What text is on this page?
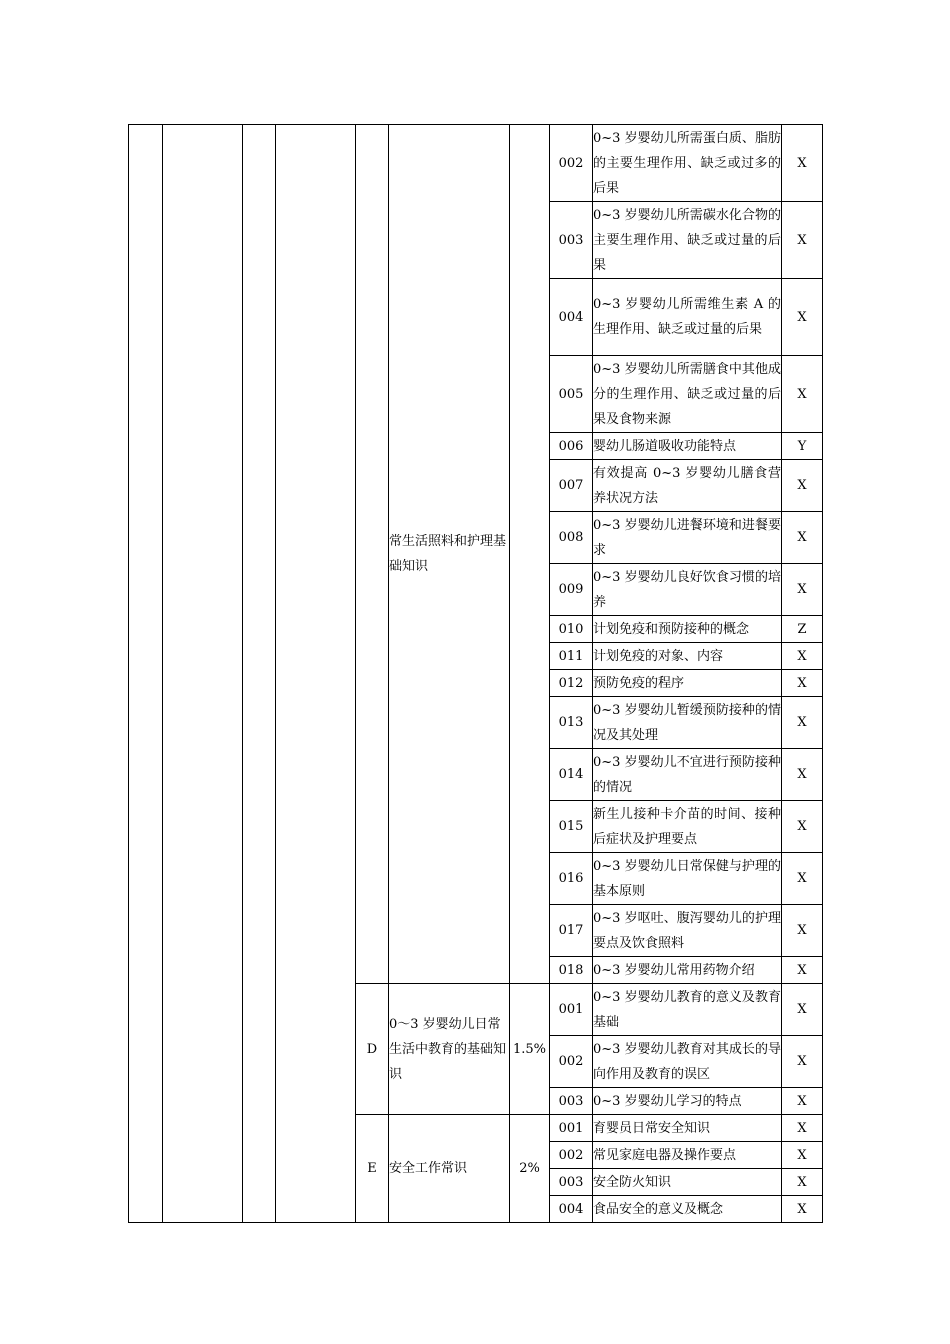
					常生活照料和护理基础知识		002	0~3 岁婴幼儿所需蛋白质、脂肪的主要生理作用、缺乏或过多的后果	X
							003	0~3 岁婴幼儿所需碳水化合物的主要生理作用、缺乏或过量的后果	X
							004	0~3 岁婴幼儿所需维生素 A 的生理作用、缺乏或过量的后果	X
							005	0~3 岁婴幼儿所需膳食中其他成分的生理作用、缺乏或过量的后果及食物来源	X
							006	婴幼儿肠道吸收功能特点	Y
							007	有效提高 0~3 岁婴幼儿膳食营养状况方法	X
							008	0~3 岁婴幼儿进餐环境和进餐要求	X
							009	0~3 岁婴幼儿良好饮食习惯的培养	X
							010	计划免疫和预防接种的概念	Z
							011	计划免疫的对象、内容	X
							012	预防免疫的程序	X
							013	0~3 岁婴幼儿暂缓预防接种的情况及其处理	X
							014	0~3 岁婴幼儿不宜进行预防接种的情况	X
							015	新生儿接种卡介苗的时间、接种后症状及护理要点	X
							016	0~3 岁婴幼儿日常保健与护理的基本原则	X
							017	0~3 岁呕吐、腹泻婴幼儿的护理要点及饮食照料	X
							018	0~3 岁婴幼儿常用药物介绍	X
				D	0～3 岁婴幼儿日常生活中教育的基础知识	1.5%	001	0~3 岁婴幼儿教育的意义及教育基础	X
							002	0~3 岁婴幼儿教育对其成长的导向作用及教育的误区	X
							003	0~3 岁婴幼儿学习的特点	X
				E	安全工作常识	2%	001	育婴员日常安全知识	X
							002	常见家庭电器及操作要点	X
							003	安全防火知识	X
							004	食品安全的意义及概念	X
